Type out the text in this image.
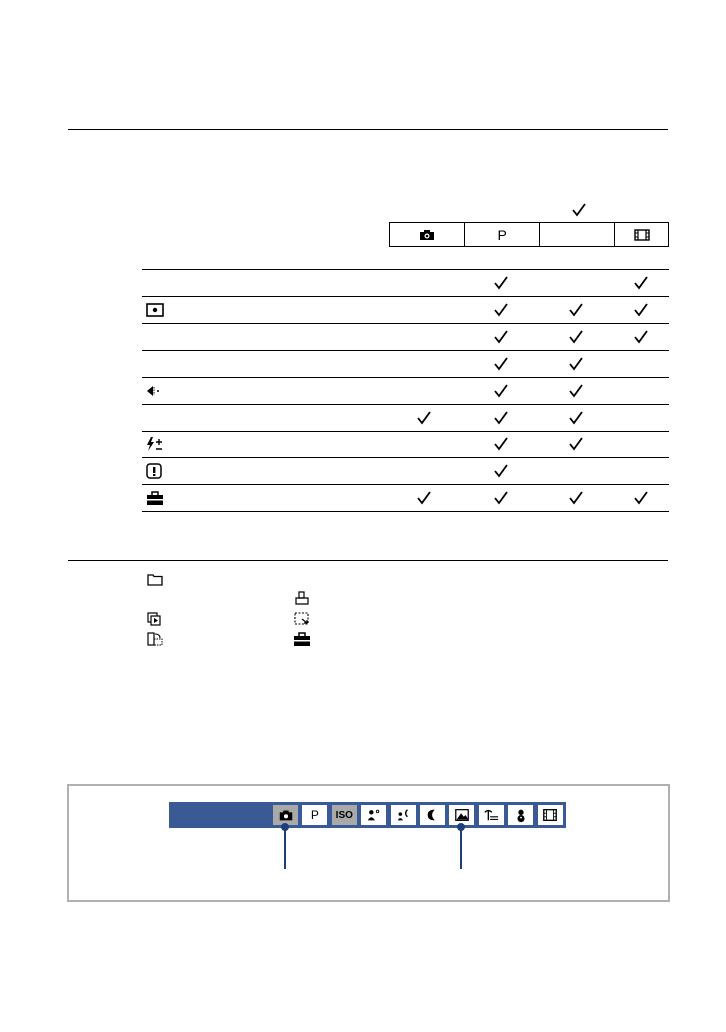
P
P ISO
